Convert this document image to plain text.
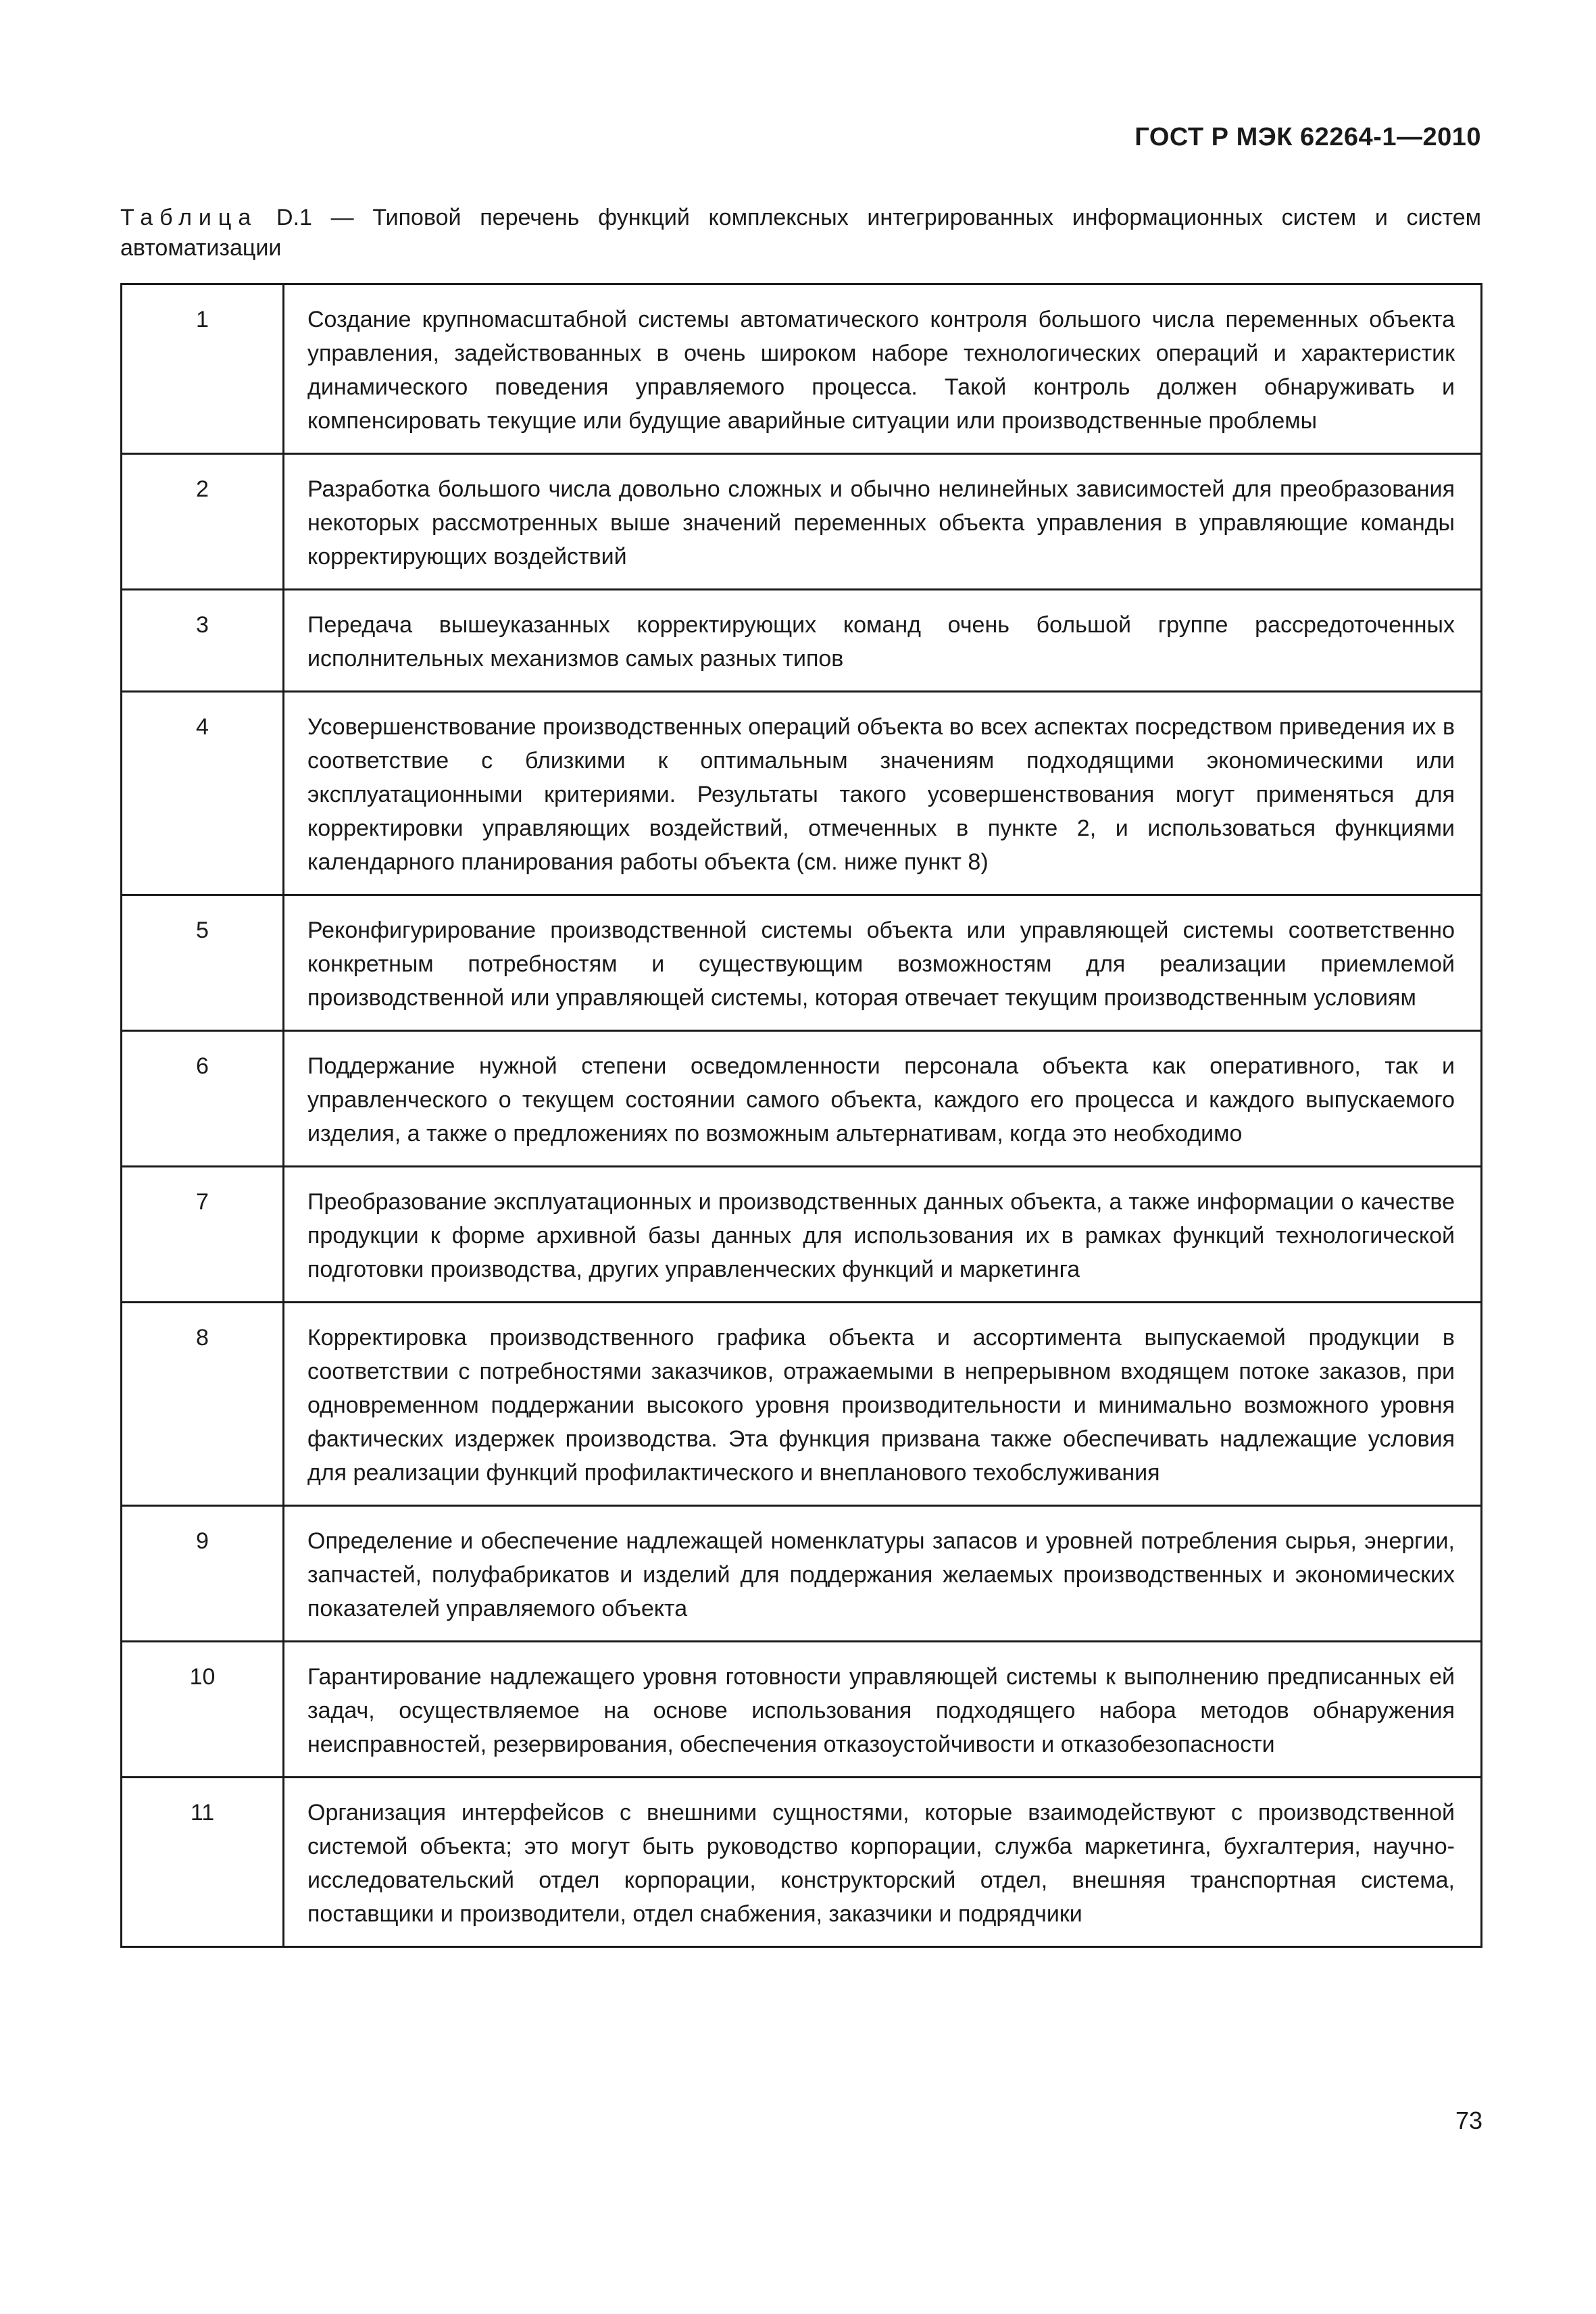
ГОСТ Р МЭК 62264-1—2010
Таблица D.1 — Типовой перечень функций комплексных интегрированных информационных систем и систем автоматизации
1	Создание крупномасштабной системы автоматического контроля большого числа переменных объекта управления, задействованных в очень широком наборе технологических операций и характеристик динамического поведения управляемого процесса. Такой контроль должен обнаруживать и компенсировать текущие или будущие аварийные ситуации или производственные проблемы
2	Разработка большого числа довольно сложных и обычно нелинейных зависимостей для преобразования некоторых рассмотренных выше значений переменных объекта управления в управляющие команды корректирующих воздействий
3	Передача вышеуказанных корректирующих команд очень большой группе рассредоточенных исполнительных механизмов самых разных типов
4	Усовершенствование производственных операций объекта во всех аспектах посредством приведения их в соответствие с близкими к оптимальным значениям подходящими экономическими или эксплуатационными критериями. Результаты такого усовершенствования могут применяться для корректировки управляющих воздействий, отмеченных в пункте 2, и использоваться функциями календарного планирования работы объекта (см. ниже пункт 8)
5	Реконфигурирование производственной системы объекта или управляющей системы соответственно конкретным потребностям и существующим возможностям для реализации приемлемой производственной или управляющей системы, которая отвечает текущим производственным условиям
6	Поддержание нужной степени осведомленности персонала объекта как оперативного, так и управленческого о текущем состоянии самого объекта, каждого его процесса и каждого выпускаемого изделия, а также о предложениях по возможным альтернативам, когда это необходимо
7	Преобразование эксплуатационных и производственных данных объекта, а также информации о качестве продукции к форме архивной базы данных для использования их в рамках функций технологической подготовки производства, других управленческих функций и маркетинга
8	Корректировка производственного графика объекта и ассортимента выпускаемой продукции в соответствии с потребностями заказчиков, отражаемыми в непрерывном входящем потоке заказов, при одновременном поддержании высокого уровня производительности и минимально возможного уровня фактических издержек производства. Эта функция призвана также обеспечивать надлежащие условия для реализации функций профилактического и внепланового техобслуживания
9	Определение и обеспечение надлежащей номенклатуры запасов и уровней потребления сырья, энергии, запчастей, полуфабрикатов и изделий для поддержания желаемых производственных и экономических показателей управляемого объекта
10	Гарантирование надлежащего уровня готовности управляющей системы к выполнению предписанных ей задач, осуществляемое на основе использования подходящего набора методов обнаружения неисправностей, резервирования, обеспечения отказоустойчивости и отказобезопасности
11	Организация интерфейсов с внешними сущностями, которые взаимодействуют с производственной системой объекта; это могут быть руководство корпорации, служба маркетинга, бухгалтерия, научно-исследовательский отдел корпорации, конструкторский отдел, внешняя транспортная система, поставщики и производители, отдел снабжения, заказчики и подрядчики
73
